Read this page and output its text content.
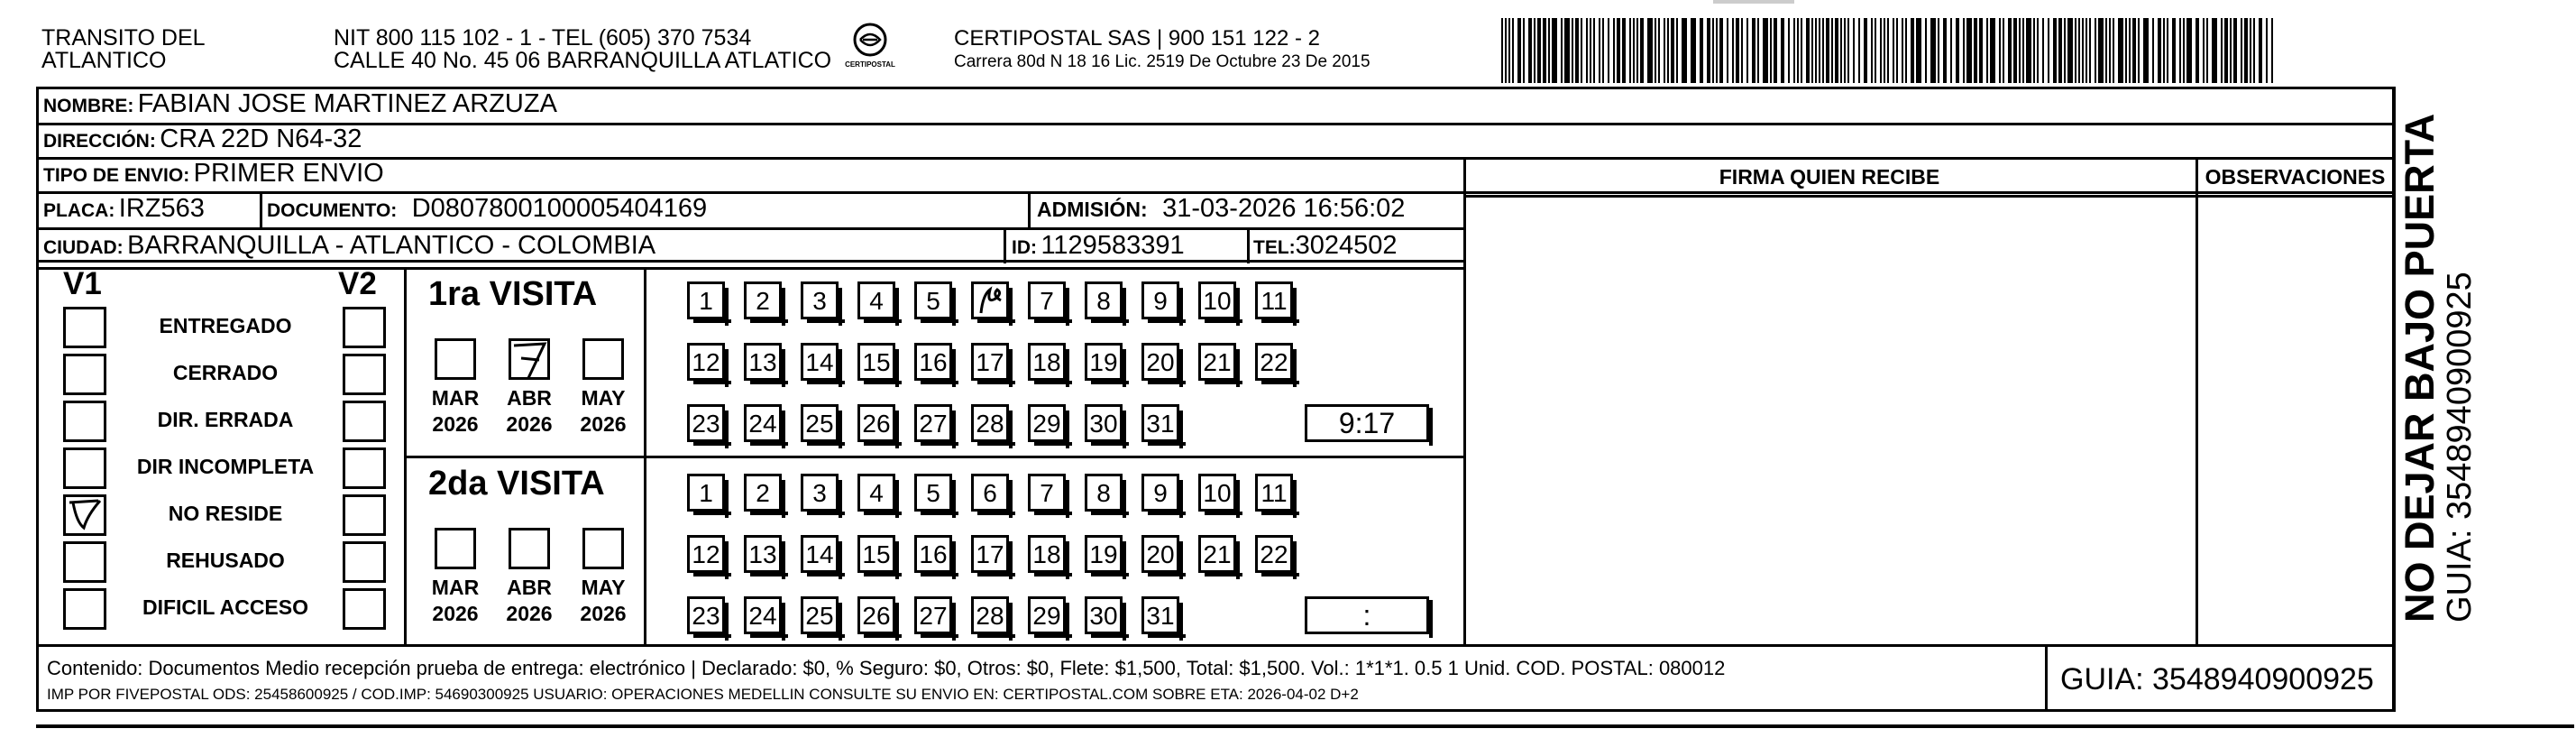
TRANSITO DEL
ATLANTICO
NIT 800 115 102 - 1 - TEL (605) 370 7534
CALLE 40 No. 45 06 BARRANQUILLA ATLATICO CERTIPOSTAL
CERTIPOSTAL SAS | 900 151 122 - 2
Carrera 80d N 18 16 Lic. 2519 De Octubre 23 De 2015
FIRMA QUIEN RECIBE	OBSERVACIONES
NOMBRE: FABIAN JOSE MARTINEZ ARZUZA
DIRECCIÓN: CRA 22D N64-32
TIPO DE ENVIO: PRIMER ENVIO
PLACA: IRZ563	DOCUMENTO: D0807800100005404169	ADMISIÓN: 31-03-2026 16:56:02
CIUDAD: BARRANQUILLA - ATLANTICO - COLOMBIA	ID: 1129583391	TEL:3024502
V1	V2
ENTREGADO
CERRADO
DIR. ERRADA
DIR INCOMPLETA
NO RESIDE
REHUSADO
DIFICIL ACCESO
1ra VISITA
MAR
2026
ABR
2026
MAY
2026
1	2	3	4	5	7	8	9	10 11
12 13 14 15 16 17 18 19 20 21 22
23 24 25 26 27 28 29 30 31	9:17
2da VISITA
MAR
2026
ABR
2026
MAY
2026
1	2	3	4	5	6	7	8	9	10 11
12 13 14 15 16 17 18 19 20 21 22
23 24 25 26 27 28 29 30 31	:
Contenido: Documentos Medio recepción prueba de entrega: electrónico | Declarado: $0, % Seguro: $0, Otros: $0, Flete: $1,500, Total: $1,500. Vol.: 1*1*1. 0.5 1 Unid. COD. POSTAL: 080012
IMP POR FIVEPOSTAL ODS: 25458600925 / COD.IMP: 54690300925 USUARIO: OPERACIONES MEDELLIN CONSULTE SU ENVIO EN: CERTIPOSTAL.COM SOBRE ETA: 2026-04-02 D+2	GUIA: 3548940900925
NO DEJAR BAJO PUERTA
GUIA: 3548940900925
